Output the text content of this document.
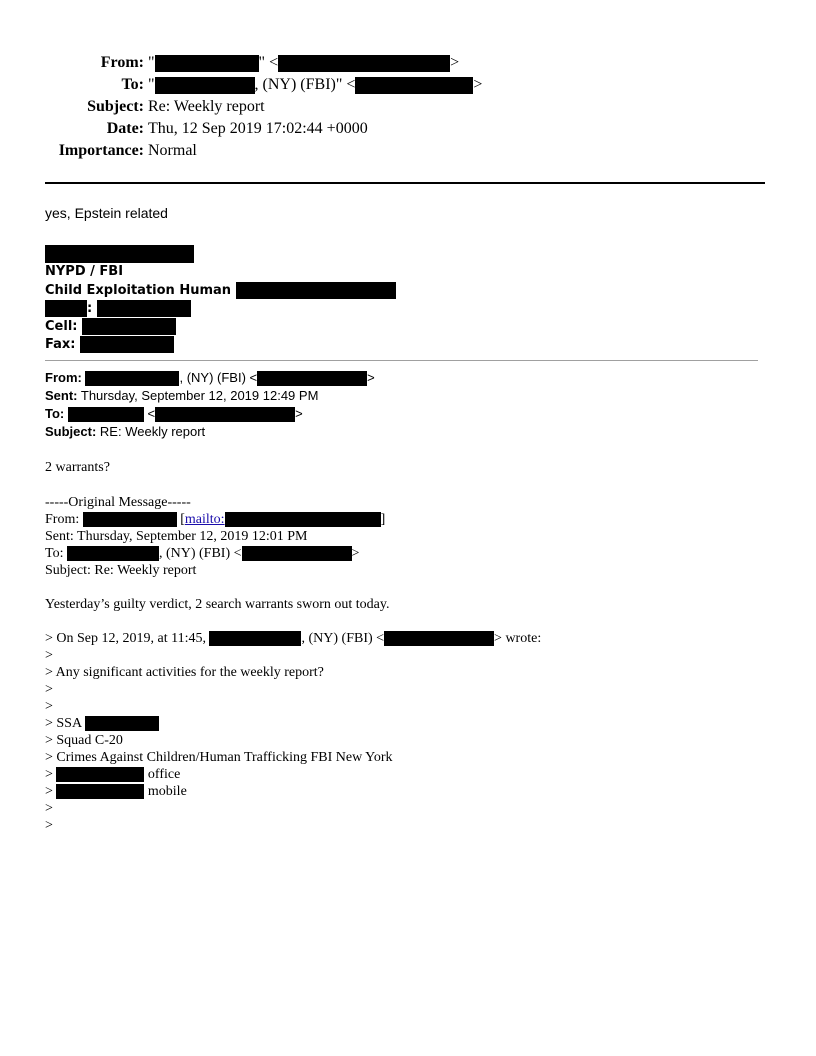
From: "	" <	>
To: "	, (NY) (FBI)" <	>
Subject: Re: Weekly report
Date: Thu, 12 Sep 2019 17:02:44 +0000
Importance: Normal
yes, Epstein related
NYPD / FBI
Child Exploitation Human
:
Cell:
Fax:
From:	, (NY) (FBI) <	>
Sent: Thursday, September 12, 2019 12:49 PM
To:	<	>
Subject: RE: Weekly report
2 warrants?
-----Original Message-----
From:	[mailto:	]
Sent: Thursday, September 12, 2019 12:01 PM
To:	, (NY) (FBI) <	>
Subject: Re: Weekly report
Yesterday’s guilty verdict, 2 search warrants sworn out today.
> On Sep 12, 2019, at 11:45,	, (NY) (FBI) <	> wrote:
>
> Any significant activities for the weekly report?
>
>
> SSA
> Squad C-20
> Crimes Against Children/Human Trafficking FBI New York
>	office
>	mobile
>
>
